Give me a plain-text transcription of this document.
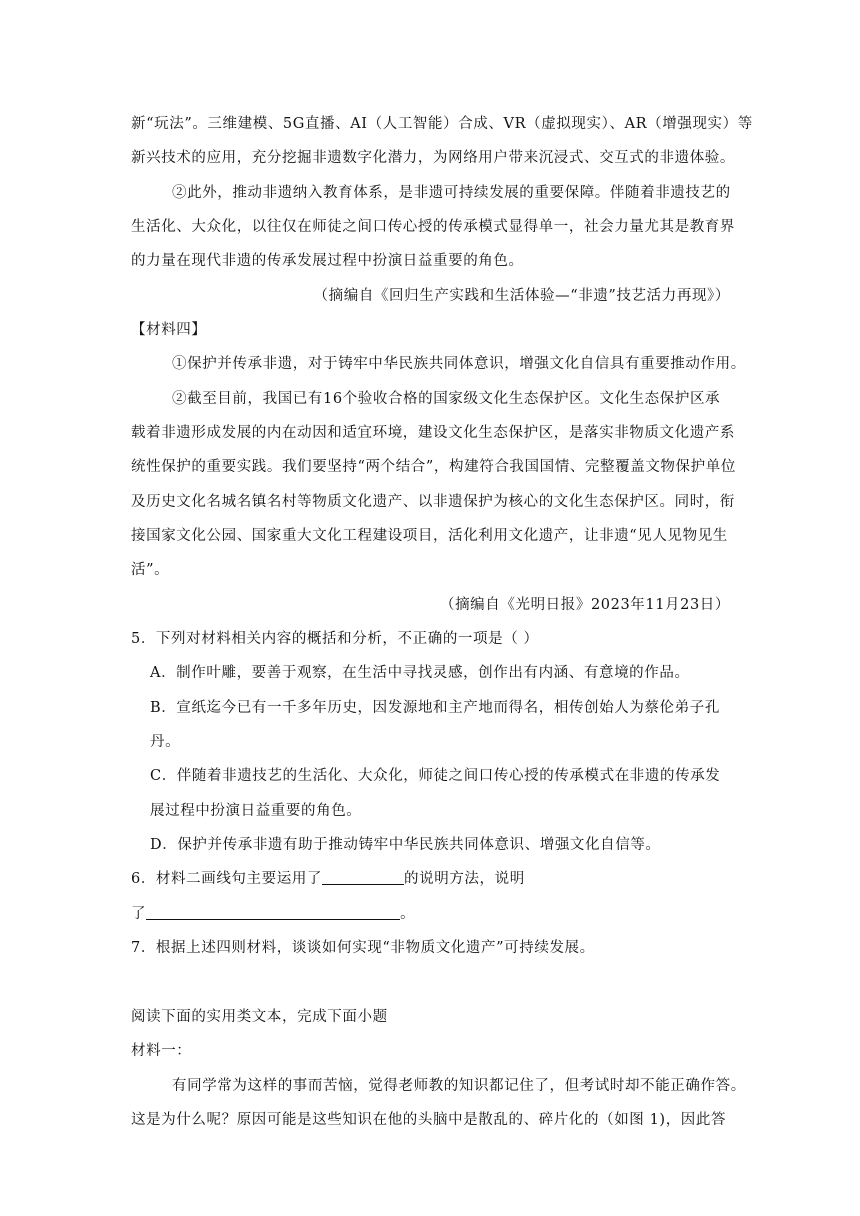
新“玩法”。三维建模、5G直播、AI（人工智能）合成、VR（虚拟现实）、AR（增强现实）等
新兴技术的应用，充分挖掘非遗数字化潜力，为网络用户带来沉浸式、交互式的非遗体验。
②此外，推动非遗纳入教育体系，是非遗可持续发展的重要保障。伴随着非遗技艺的
生活化、大众化，以往仅在师徒之间口传心授的传承模式显得单一，社会力量尤其是教育界
的力量在现代非遗的传承发展过程中扮演日益重要的角色。
（摘编自《回归生产实践和生活体验—“非遗”技艺活力再现》）
【材料四】
①保护并传承非遗，对于铸牢中华民族共同体意识，增强文化自信具有重要推动作用。
②截至目前，我国已有16个验收合格的国家级文化生态保护区。文化生态保护区承
载着非遗形成发展的内在动因和适宜环境，建设文化生态保护区，是落实非物质文化遗产系
统性保护的重要实践。我们要坚持“两个结合”，构建符合我国国情、完整覆盖文物保护单位
及历史文化名城名镇名村等物质文化遗产、以非遗保护为核心的文化生态保护区。同时，衔
接国家文化公园、国家重大文化工程建设项目，活化利用文化遗产，让非遗“见人见物见生
活”。
（摘编自《光明日报》2023年11月23日）
5．下列对材料相关内容的概括和分析，不正确的一项是（ ）
A．制作叶雕，要善于观察，在生活中寻找灵感，创作出有内涵、有意境的作品。
B．宣纸迄今已有一千多年历史，因发源地和主产地而得名，相传创始人为蔡伦弟子孔
丹。
C．伴随着非遗技艺的生活化、大众化，师徒之间口传心授的传承模式在非遗的传承发
展过程中扮演日益重要的角色。
D．保护并传承非遗有助于推动铸牢中华民族共同体意识、增强文化自信等。
6．材料二画线句主要运用了	的说明方法，说明
了	。
7．根据上述四则材料，谈谈如何实现“非物质文化遗产”可持续发展。
阅读下面的实用类文本，完成下面小题
材料一：
有同学常为这样的事而苦恼，觉得老师教的知识都记住了，但考试时却不能正确作答。
这是为什么呢？原因可能是这些知识在他的头脑中是散乱的、碎片化的（如图 1)，因此答
